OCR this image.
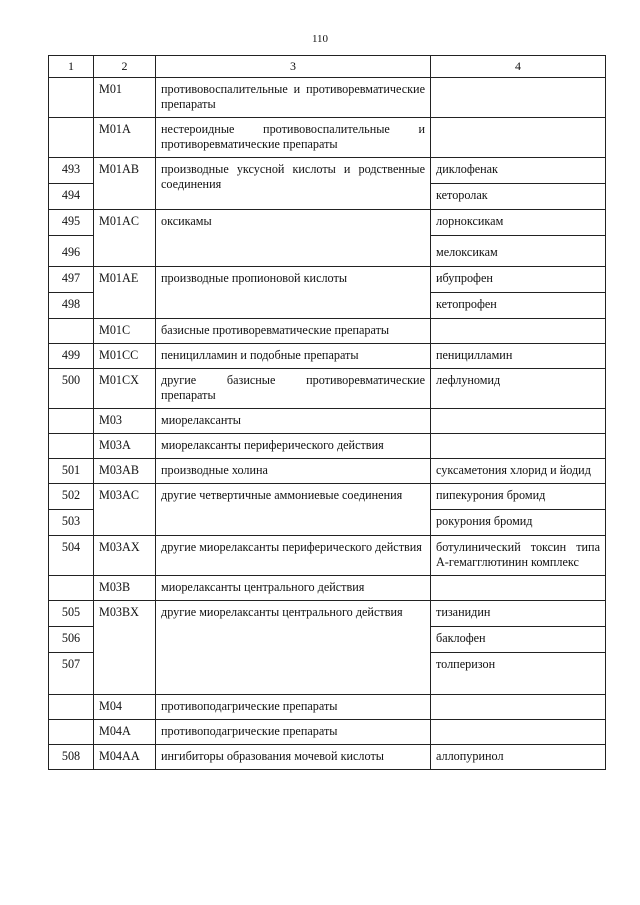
110
1	2	3	4
	M01	противовоспалительные и противоревматические препараты	
	M01A	нестероидные противовоспалительные и противоревматические препараты	
493	M01AB	производные уксусной кислоты и родственные соединения	диклофенак
494			кеторолак
495	M01AC	оксикамы	лорноксикам
496			мелоксикам
497	M01AE	производные пропионовой кислоты	ибупрофен
498			кетопрофен
	M01C	базисные противоревматические препараты	
499	M01CC	пеницилламин и подобные препараты	пеницилламин
500	M01CX	другие базисные противоревматические препараты	лефлуномид
	M03	миорелаксанты	
	M03A	миорелаксанты периферического действия	
501	M03AB	производные холина	суксаметония хлорид и йодид
502	M03AC	другие четвертичные аммониевые соединения	пипекурония бромид
503			рокурония бромид
504	M03AX	другие миорелаксанты периферического действия	ботулинический токсин типа A-гемагглютинин комплекс
	M03B	миорелаксанты центрального действия	
505	M03BX	другие миорелаксанты центрального действия	тизанидин
506			баклофен
507			толперизон
	M04	противоподагрические препараты	
	M04A	противоподагрические препараты	
508	M04AA	ингибиторы образования мочевой кислоты	аллопуринол
